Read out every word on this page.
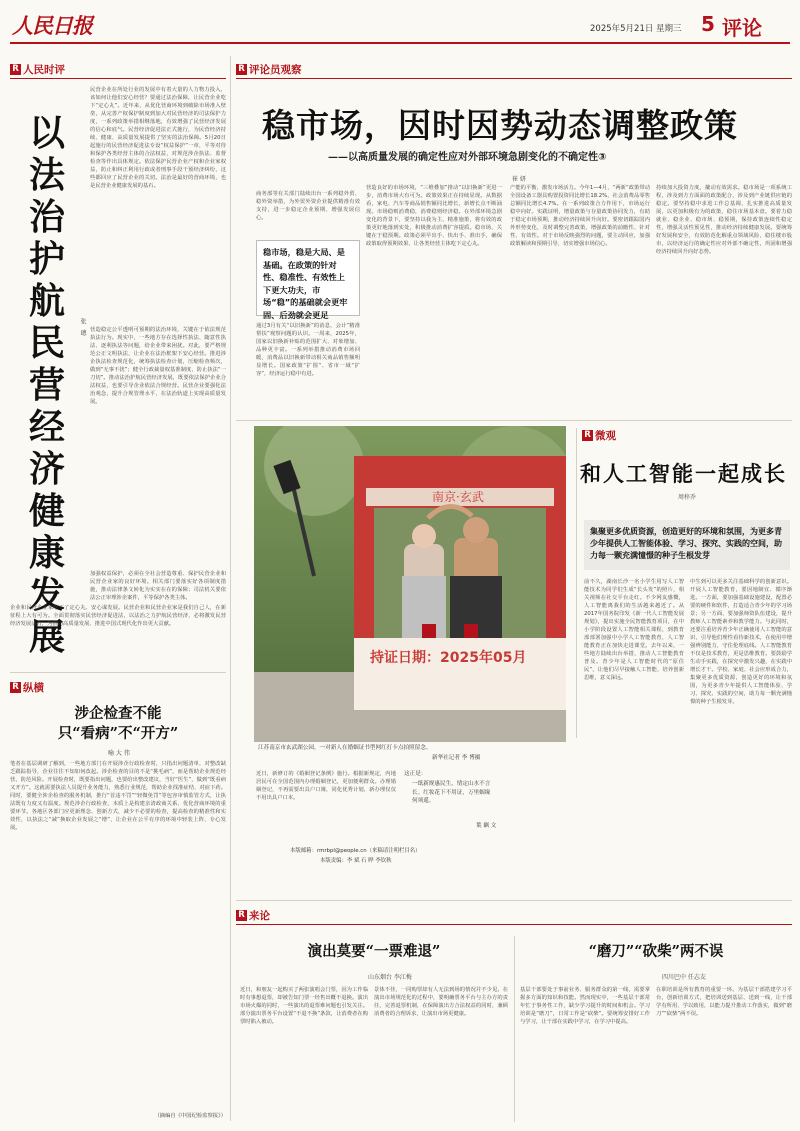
人民日报	2025年5月21日 星期三 5 评论
R 人民时评
以法治护航民营经济健康发展
张 璁
民营企业在所处行业的发展中有着大量的人力物力投入，该如何让他们安心经营？要通过法治保障，让民营企业吃下“定心丸”。近年来，从优化营商环境到破除市场准入壁垒，从完善产权保护制度到加大对民营经济的司法保护力度，一系列政策举措相继落地，有效增强了民营经济发展的信心和底气。民营经济促进法正式施行，为民营经济持续、健康、高质量发展提供了坚实的法治保障。5月20日起施行的民营经济促进法专设“权益保护”一章，平等对待和保护各类经营主体的合法权益，对规范涉企执法、监督检查等作出具体规定。依法保护民营企业产权和企业家权益，防止和纠正利用行政或者刑事手段干预经济纠纷，这些都回应了民营企业的关切。法治是最好的营商环境，也是民营企业健康发展的基石。
营造稳定公平透明可预期的法治环境，关键在于依法规范执法行为。现实中，一些地方存在选择性执法、随意性执法、逐利执法等问题，给企业带来困扰。对此，要严格规范公正文明执法，让企业在法治框架下安心经营。推进涉企执法检查规范化，统筹执法检查计划，压缩检查频次，做到“无事不扰”；健全行政裁量权基准制度，防止执法“一刀切”。推动法治护航民营经济发展，既要依法保护企业合法权益，也要引导企业依法合规经营。民营企业要强化法治观念，提升合规管理水平，在法治轨道上实现高质量发展。
加强权益保护，必须在全社会营造尊重、保护民营企业和民营企业家的良好环境。相关部门要落实好各项制度措施，推动法律条文转化为实实在在的保障；司法机关要依法公正审理涉企案件，平等保护各类主体。
企业和民营企业家吃下了定心丸、安心谋发展。民营企业和民营企业家是我们自己人，在新征程上大有可为。全面贯彻落实民营经济促进法，以法治之力护航民营经济，必将激发民营经济发展活力，为推动高质量发展、推进中国式现代化作出更大贡献。
R 纵横
涉企检查不能
只“看病”不“开方”
喻 大 伟
笔者在基层调研了解到，一些地方部门在开展涉企行政检查时，只指出问题清单，对整改缺乏跟踪指导，企业往往不知如何改起。涉企检查的目的不是“挑毛病”，而是帮助企业规范经营、防范风险。开展检查时，既要指出问题，也要给出整改建议，当好“医生”，做到“既看病又开方”。这就需要执法人员提升业务能力，熟悉行业规范，帮助企业找准症结、对症下药。同时，要健全涉企检查的服务机制，推行“首违不罚”“轻微免罚”等包容审慎监管方式，让执法既有力度又有温度。规范涉企行政检查，本质上是构建亲清政商关系、优化营商环境的重要环节。各地区各部门应更新理念、创新方式，减少不必要的检查，提高检查的精准性和实效性，以执法之“减”换取企业发展之“增”，让企业在公平有序的环境中轻装上阵、专心发展。
（摘编自《中国纪检监察报》）
R 评论员观察
稳市场，因时因势动态调整政策
——以高质量发展的确定性应对外部环境急剧变化的不确定性③
崔 妍
商务部等有关部门陆续出台一系列稳外贸、稳外资举措，为外贸外资企业提供精准有效支持，进一步稳定企业预期、增强发展信心。
稳市场，稳是大局、是基础。在政策的针对性、稳准性、有效性上下更大功夫，市场“稳”的基础就会更牢固、后劲就会更足
通过3月有关“以旧换新”的消息，会计“精准帮扶”观察问题的认识。一周来，2025年，国家以旧换新补贴的范围扩大、对象增加、品种更丰富。一系列举措推动消费市场回暖，消费品以旧换新带动相关商品销售额明显增长。国家政策“扩围”、省市一域“扩容”，经济运行稳中有进。
营造良好的市场环境，“三维叠加”推动“以旧换新”更进一步，消费市场大有可为。政策效果正在持续显现。从数据看，家电、汽车等商品销售额同比增长，新增长点不断涌现。市场稳则消费稳，消费稳则经济稳。在外部环境急剧变化的背景下，要坚持以我为主，精准施策，将有效的政策更好地落到实处，积极推动消费扩容提质。稳市场，关键在于稳预期。政策必须早出手、快出手、准出手，确保政策取得预期效果，让各类经营主体吃下定心丸。
产能的平衡，激发市场活力。今年1—4月，“两新”政策带动全国设备工器具购置投资同比增长18.2%，社会消费品零售总额同比增长4.7%。在一系列政策合力作用下，市场运行稳中向好。实践证明，增量政策与存量政策协同发力，有助于稳定市场预期，推动经济持续回升向好。要密切跟踪国内外形势变化，及时调整完善政策，增强政策的前瞻性、针对性、有效性。对于市场反映强烈的问题，要主动回应，加强政策解读和预期引导，切实增强市场信心。
持续加大投资力度，撬动有效需求。稳市场是一项系统工程，涉及到方方面面的政策配合，涉及到产业链供应链的稳定。要坚持稳中求进工作总基调，扎实推进高质量发展，以更加积极有为的政策，稳住市场基本盘。要着力稳就业、稳企业、稳市场、稳预期，保持政策连续性稳定性，增强灵活性预见性，推动经济持续健康发展。要统筹好发展和安全，有效防范化解重点领域风险，稳住楼市股市，以经济运行的确定性应对外部不确定性，巩固和增强经济持续回升向好态势。
南京·玄武
持证日期：2025年05月
江苏南京市玄武湖公园，一对新人在婚姻证书型网红打卡点拍照留念。
新华社记者 李 博摄
近日，新修订的《婚姻登记条例》施行。根据新规定，内地居民可在全国范围内办理婚姻登记，更加便利群众。办理婚姻登记，不再需要出具户口簿，同化优秀计划，新办理仅仅不用出具户口本。
这正是：
一纸新规惠民生，情定山水不言长。红妆花下不用证，万里姻缘何须遥。
葉 飙 文
本版邮箱：rmrbpl@people.cn（来稿请注明栏目名）
本版责编：李 斌 石 晔 李钦秋
R 微观
和人工智能一起成长
周梓乔
集聚更多优质资源，创造更好的环境和氛围，为更多青少年提供人工智能体验、学习、探究、实践的空间，助力每一颗充满憧憬的种子生根发芽
前不久，湖南长沙一名小学生用写人工智能技术为同学们生成“长头发”的照片，相关视频在社交平台走红。不少网友感慨，人工智能离我们的生活越来越近了。从2017年国务院印发《新一代人工智能发展规划》，提出实施全民智能教育项目，在中小学阶段设置人工智能相关课程，到教育部部署加强中小学人工智能教育，人工智能教育正在加快走进课堂。去年以来，一些地方陆续出台举措，推动人工智能教育普及。青少年是人工智能时代的“原住民”，让他们尽早接触人工智能，培养创新思维，意义深远。
中生到可以更多关注基础科学的创新意识。开展人工智能教育，要因地制宜、循序渐进。一方面，要加强基础设施建设，配置必要的硬件和软件，打造适合青少年的学习场景；另一方面，要加强师资队伍建设，提升教师人工智能素养和教学能力。与此同时，还要注重培养青少年正确使用人工智能的意识，引导他们理性看待新技术，在使用中增强辨别能力，守住伦理底线。人工智能教育不仅是技术教育，更是思维教育。要鼓励学生动手实践，在探究中激发兴趣，在实践中增长才干。学校、家庭、社会应形成合力，集聚更多优质资源，创造更好的环境和氛围，为更多青少年提供人工智能体验、学习、探究、实践的空间，助力每一颗充满憧憬的种子生根发芽。
R 来论
演出莫要“一票难退”
山东烟台 李江梅
近日，和朋友一起购买了两张演唱会门票，因为工作临时有事想退票，却被告知门票一经售出概不退换。演出市场火爆的同时，一些演出的退票难问题也引发关注。部分演出票务平台设置“不退不换”条款，让消费者在购票时陷入被动。
景体不佳，一同购票却有人无法到场的情况并不少见。在演出市场规范化的过程中，要明确票务平台与主办方的责任，完善退票机制，在保障演出方合法权益的同时，兼顾消费者的合理诉求，让演出市场更健康。
“磨刀”“砍柴”两不误
四川巴中 任志友
基层干部要处于事前业务、服务群众的第一线，需要掌握多方面的知识和技能。然而现实中，一些基层干部常年忙于事务性工作，缺少学习提升的时间和机会。学习培训是“磨刀”，日常工作是“砍柴”。要统筹安排好工作与学习，让干部在实践中学习，在学习中提高。
在职培训是所有教育的重要一环。为基层干部搭建学习平台，创新培训方式，把培训送到基层、送到一线，让干部学有所用、学以致用，以能力提升推动工作落实，做到“磨刀”“砍柴”两不误。
